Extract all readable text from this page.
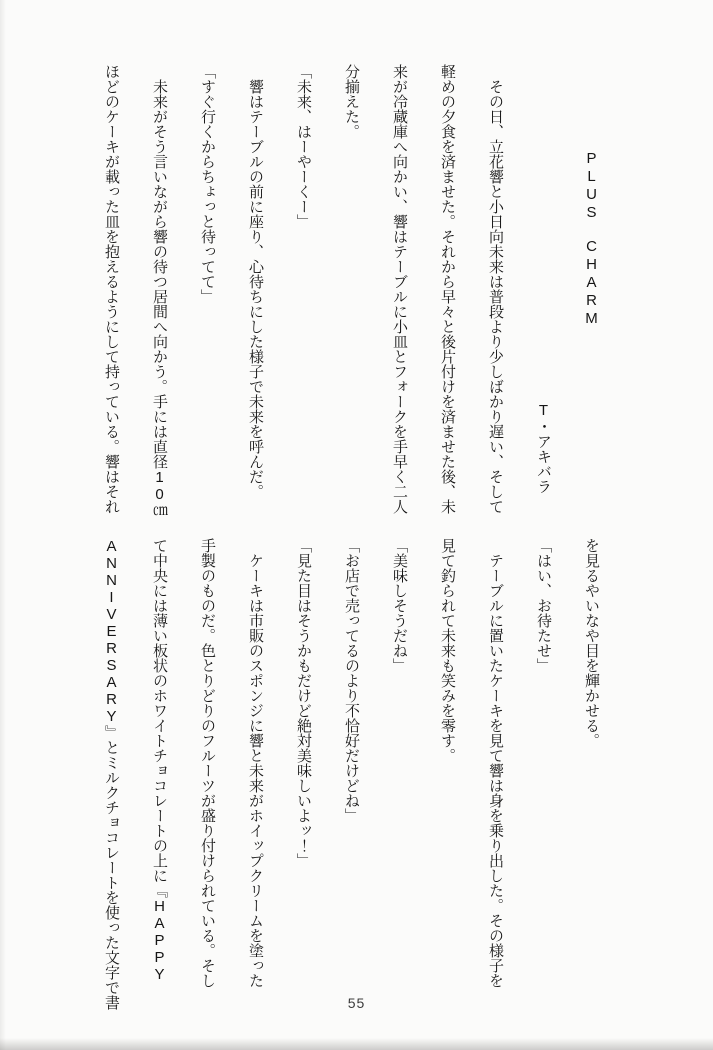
PLUS　CHARM

T・アキバラ

その日、立花響と小日向未来は普段より少しばかり遅い、そして

軽めの夕食を済ませた。それから早々と後片付けを済ませた後、未

来が冷蔵庫へ向かい、響はテーブルに小皿とフォークを手早く二人

分揃えた。

「未来、はーやーくー」

響はテーブルの前に座り、心待ちにした様子で未来を呼んだ。

「すぐ行くからちょっと待ってて」

未来がそう言いながら響の待つ居間へ向かう。手には直径10㎝

ほどのケーキが載った皿を抱えるようにして持っている。響はそれ

を見るやいなや目を輝かせる。

「はい、お待たせ」

テーブルに置いたケーキを見て響は身を乗り出した。その様子を

見て釣られて未来も笑みを零す。

「美味しそうだね」

「お店で売ってるのより不恰好だけどね」

「見た目はそうかもだけど絶対美味しいよッ！」

ケーキは市販のスポンジに響と未来がホイップクリームを塗った

手製のものだ。色とりどりのフルーツが盛り付けられている。そし

て中央には薄い板状のホワイトチョコレートの上に『HAPPY

ANNIVERSARY』とミルクチョコレートを使った文字で書	55
